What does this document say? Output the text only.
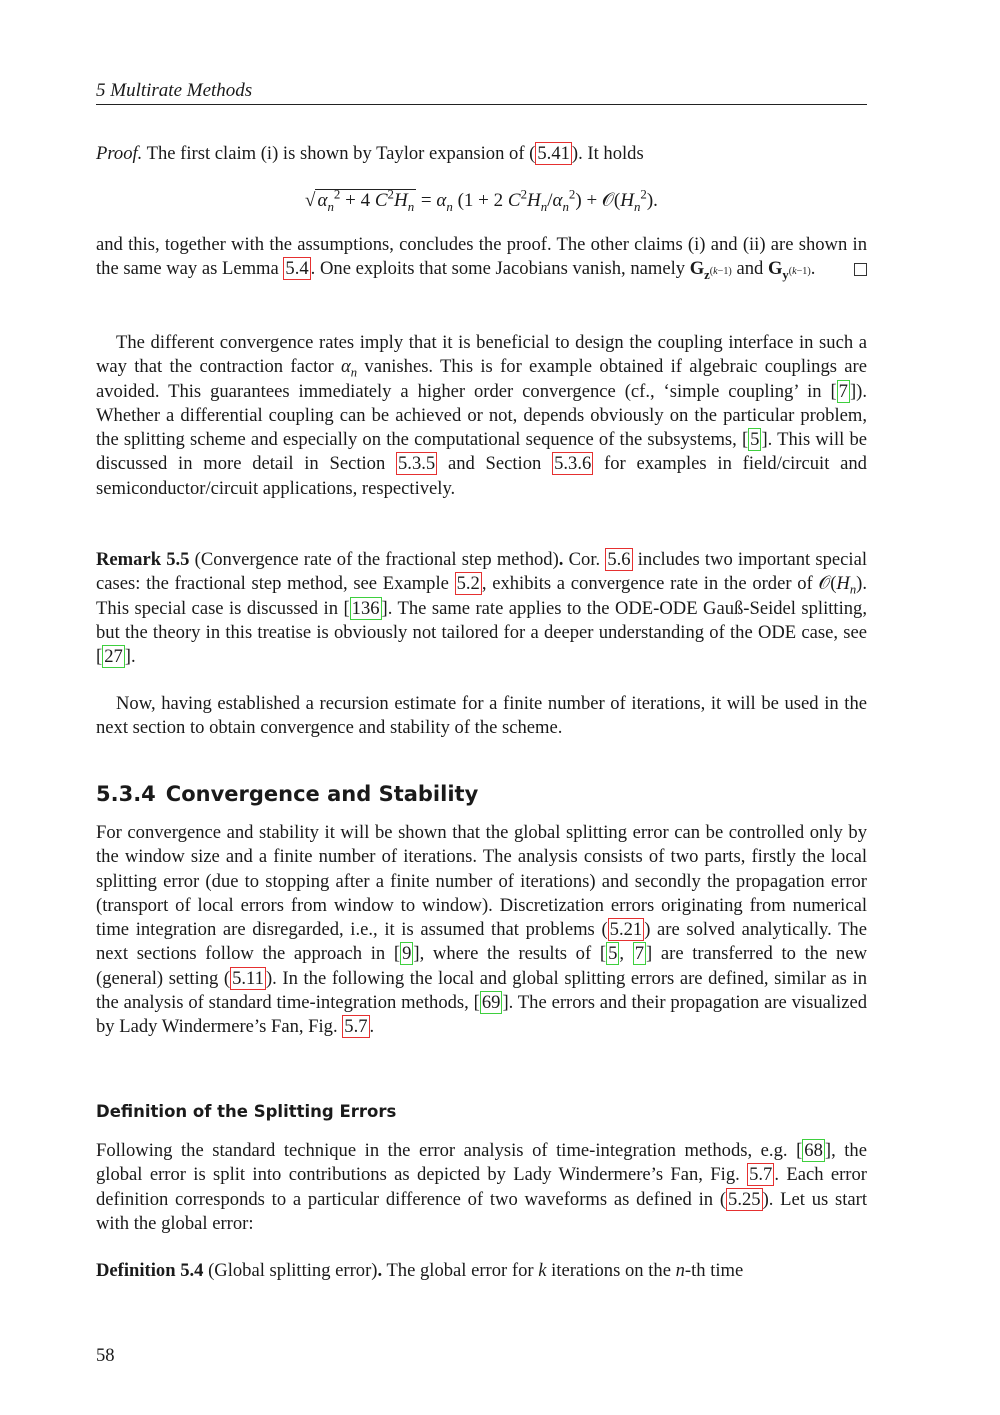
5 Multirate Methods
Proof. The first claim (i) is shown by Taylor expansion of ( 5.41 ). It holds
√ $\alpha_n^2 + 4$ $C^2H_n = \alpha_n$ (1 + 2 $C^2H_n/\alpha_n^2$) + $𝒪(H_n^2)$.
and this, together with the assumptions, concludes the proof. The other claims (i) and (ii) are shown in the same way as Lemma 5.4 . One exploits that some Jacobians vanish, namely $G_{z^{(k-1)}}$ and $G_{y^{(k-1)}}$.
The different convergence rates imply that it is beneficial to design the coupling interface in such a way that the contraction factor $\alpha_n$ vanishes. This is for example obtained if algebraic couplings are avoided. This guarantees immediately a higher order convergence (cf., ‘simple coupling’ in [ 7 ]). Whether a differential coupling can be achieved or not, depends obviously on the particular problem, the splitting scheme and especially on the computational sequence of the subsystems, [ 5 ]. This will be discussed in more detail in Section 5.3.5 and Section 5.3.6 for examples in field/circuit and semiconductor/circuit applications, respectively.
Remark 5.5 (Convergence rate of the fractional step method). Cor. 5.6 includes two important special cases: the fractional step method, see Example 5.2 , exhibits a convergence rate in the order of $𝒪(H_n)$. This special case is discussed in [ 136 ]. The same rate applies to the ODE-ODE Gauß-Seidel splitting, but the theory in this treatise is obviously not tailored for a deeper understanding of the ODE case, see [ 27 ].
Now, having established a recursion estimate for a finite number of iterations, it will be used in the next section to obtain convergence and stability of the scheme.
5.3.4 Convergence and Stability
For convergence and stability it will be shown that the global splitting error can be controlled only by the window size and a finite number of iterations. The analysis consists of two parts, firstly the local splitting error (due to stopping after a finite number of iterations) and secondly the propagation error (transport of local errors from window to window). Discretization errors originating from numerical time integration are disregarded, i.e., it is assumed that problems ( 5.21 ) are solved analytically. The next sections follow the approach in [ 9 ], where the results of [ 5 , 7 ] are transferred to the new (general) setting ( 5.11 ). In the following the local and global splitting errors are defined, similar as in the analysis of standard time-integration methods, [ 69 ]. The errors and their propagation are visualized by Lady Windermere’s Fan, Fig. 5.7 .
Definition of the Splitting Errors
Following the standard technique in the error analysis of time-integration methods, e.g. [ 68 ], the global error is split into contributions as depicted by Lady Windermere’s Fan, Fig. 5.7 . Each error definition corresponds to a particular difference of two waveforms as defined in ( 5.25 ). Let us start with the global error:
Definition 5.4 (Global splitting error). The global error for k iterations on the n-th time
58
